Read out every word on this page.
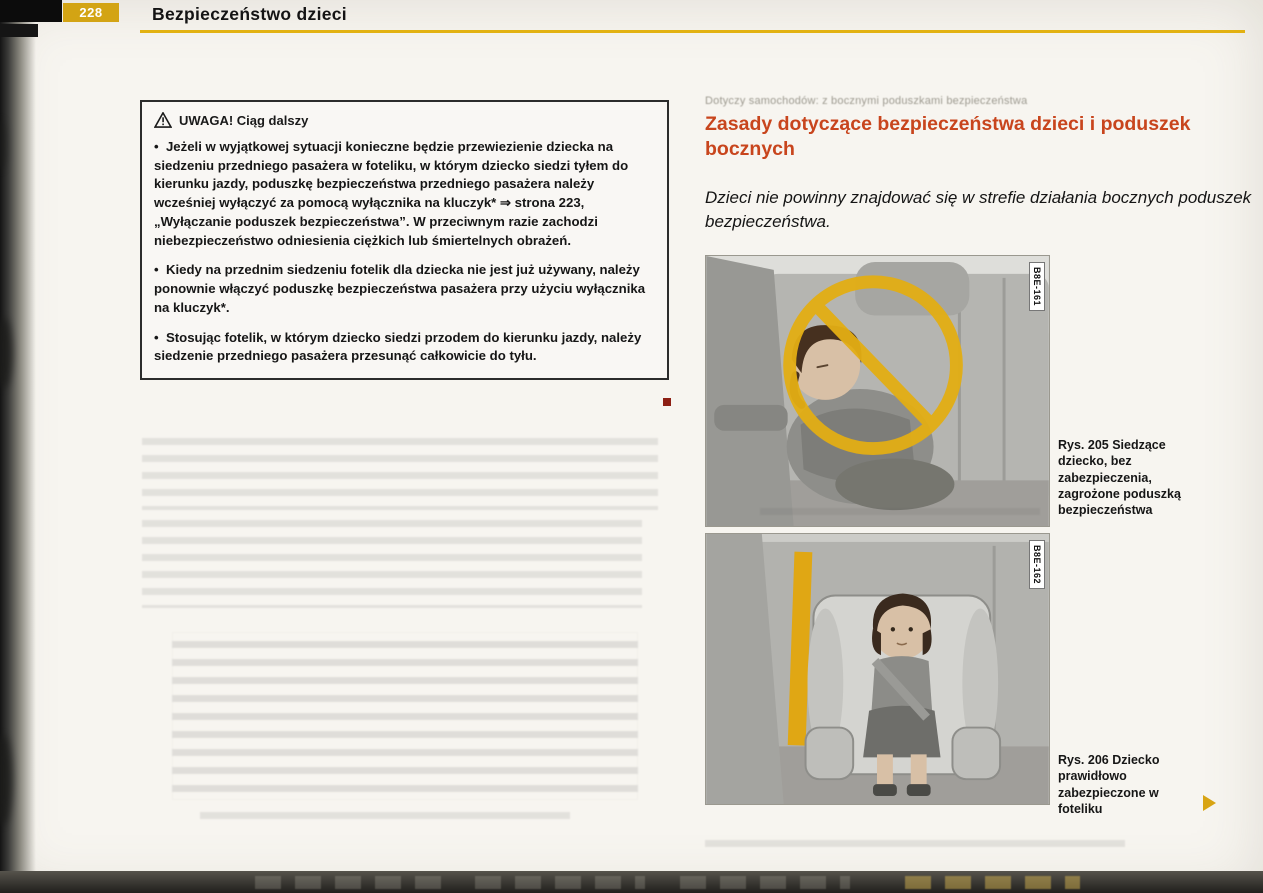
228	Bezpieczeństwo dzieci
UWAGA! Ciąg dalszy
•  Jeżeli w wyjątkowej sytuacji konieczne będzie przewiezienie dziecka na siedzeniu przedniego pasażera w foteliku, w którym dziecko siedzi tyłem do kierunku jazdy, poduszkę bezpieczeństwa przedniego pasażera należy wcześniej wyłączyć za pomocą wyłącznika na kluczyk* ⇒ strona 223, „Wyłączanie poduszek bezpieczeństwa”. W przeciwnym razie zachodzi niebezpieczeństwo odniesienia ciężkich lub śmiertelnych obrażeń.
•  Kiedy na przednim siedzeniu fotelik dla dziecka nie jest już używany, należy ponownie włączyć poduszkę bezpieczeństwa pasażera przy użyciu wyłącznika na kluczyk*.
•  Stosując fotelik, w którym dziecko siedzi przodem do kierunku jazdy, należy siedzenie przedniego pasażera przesunąć całkowicie do tyłu.
Dotyczy samochodów: z bocznymi poduszkami bezpieczeństwa
Zasady dotyczące bezpieczeństwa dzieci i poduszek bocznych
Dzieci nie powinny znajdować się w strefie działania bocznych poduszek bezpieczeństwa.
B8E-161
Rys. 205 Siedzące dziecko, bez zabezpieczenia, zagrożone poduszką bezpieczeństwa
B8E-162
Rys. 206 Dziecko prawidłowo zabezpieczone w foteliku
